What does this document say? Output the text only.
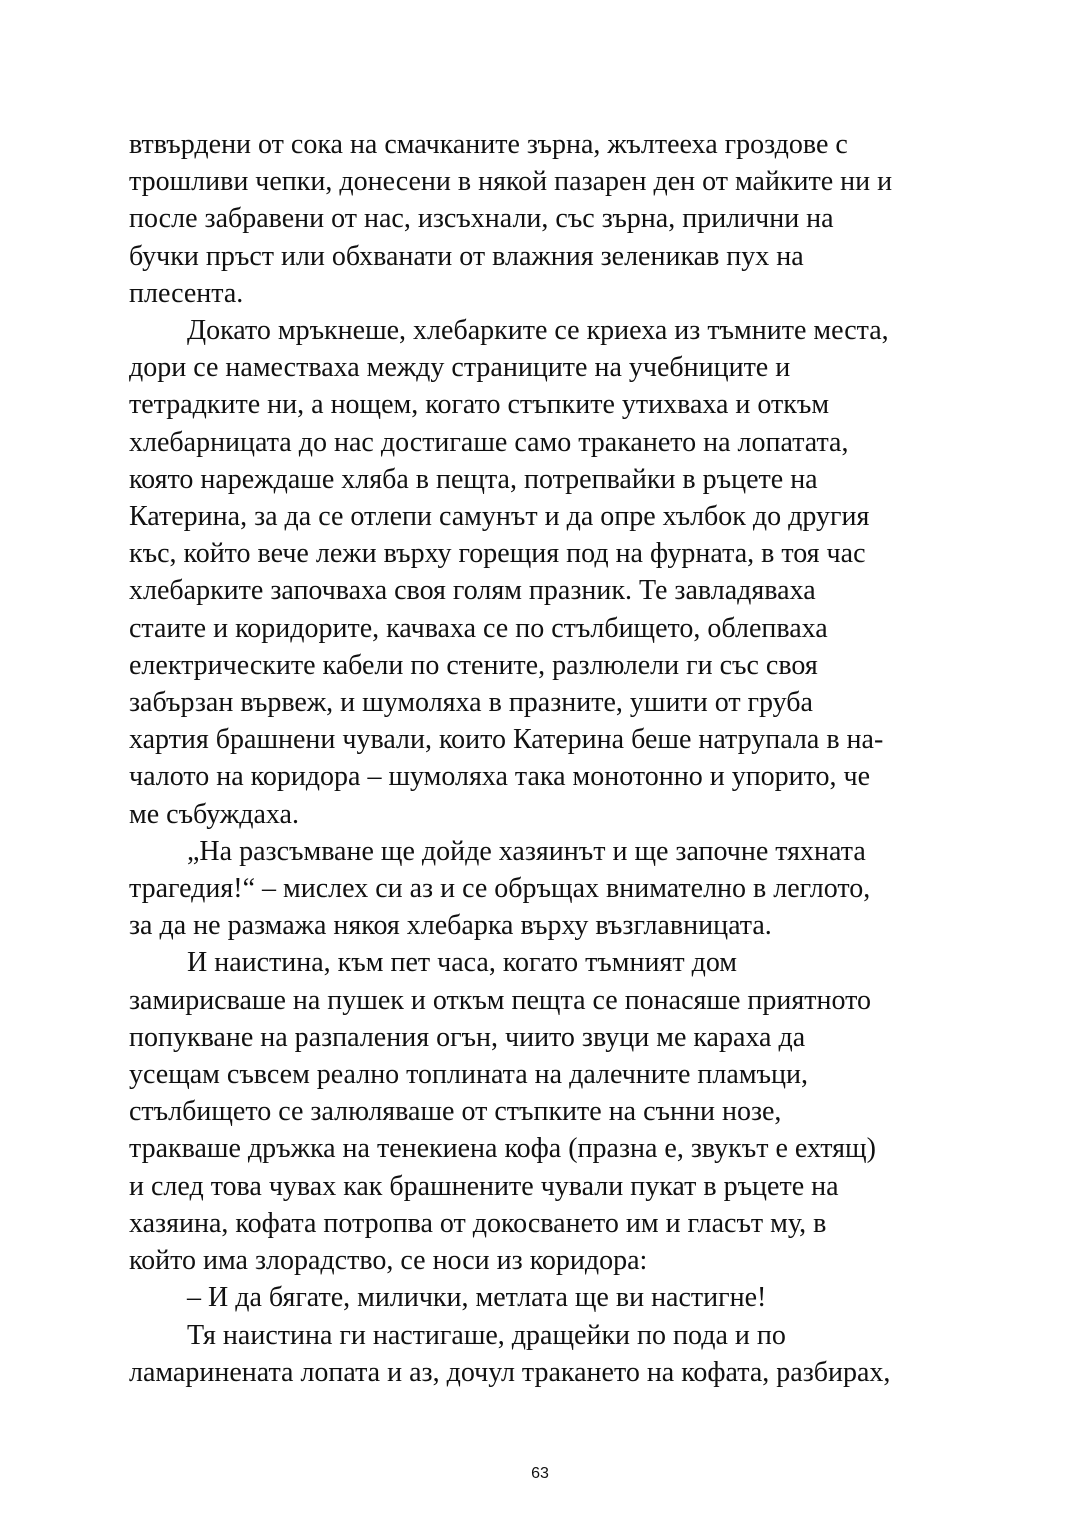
втвърдени от сока на смачканите зърна, жълтееха гроздове с
трошливи чепки, донесени в някой пазарен ден от майките ни и
после забравени от нас, изсъхнали, със зърна, прилични на
бучки пръст или обхванати от влажния зеленикав пух на
плесента.
Докато мръкнеше, хлебарките се криеха из тъмните места,
дори се наместваха между страниците на учебниците и
тетрадките ни, а нощем, когато стъпките утихваха и откъм
хлебарницата до нас достигаше само тракането на лопатата,
която нареждаше хляба в пещта, потрепвайки в ръцете на
Катерина, за да се отлепи самунът и да опре хълбок до другия
къс, който вече лежи върху горещия под на фурната, в тоя час
хлебарките започваха своя голям празник. Те завладяваха
стаите и коридорите, качваха се по стълбището, облепваха
електрическите кабели по стените, разлюлели ги със своя
забързан вървеж, и шумоляха в празните, ушити от груба
хартия брашнени чували, които Катерина беше натрупала в на-
чалото на коридора – шумоляха така монотонно и упорито, че
ме събуждаха.
„На разсъмване ще дойде хазяинът и ще започне тяхната
трагедия!“ – мислех си аз и се обръщах внимателно в леглото,
за да не размажа някоя хлебарка върху възглавницата.
И наистина, към пет часа, когато тъмният дом
замирисваше на пушек и откъм пещта се понасяше приятното
попукване на разпаления огън, чиито звуци ме караха да
усещам съвсем реално топлината на далечните пламъци,
стълбището се залюляваше от стъпките на сънни нозе,
тракваше дръжка на тенекиена кофа (празна е, звукът е ехтящ)
и след това чувах как брашнените чували пукат в ръцете на
хазяина, кофата потропва от докосването им и гласът му, в
който има злорадство, се носи из коридора:
– И да бягате, милички, метлата ще ви настигне!
Тя наистина ги настигаше, дращейки по пода и по
ламаринената лопата и аз, дочул тракането на кофата, разбирах,
63
